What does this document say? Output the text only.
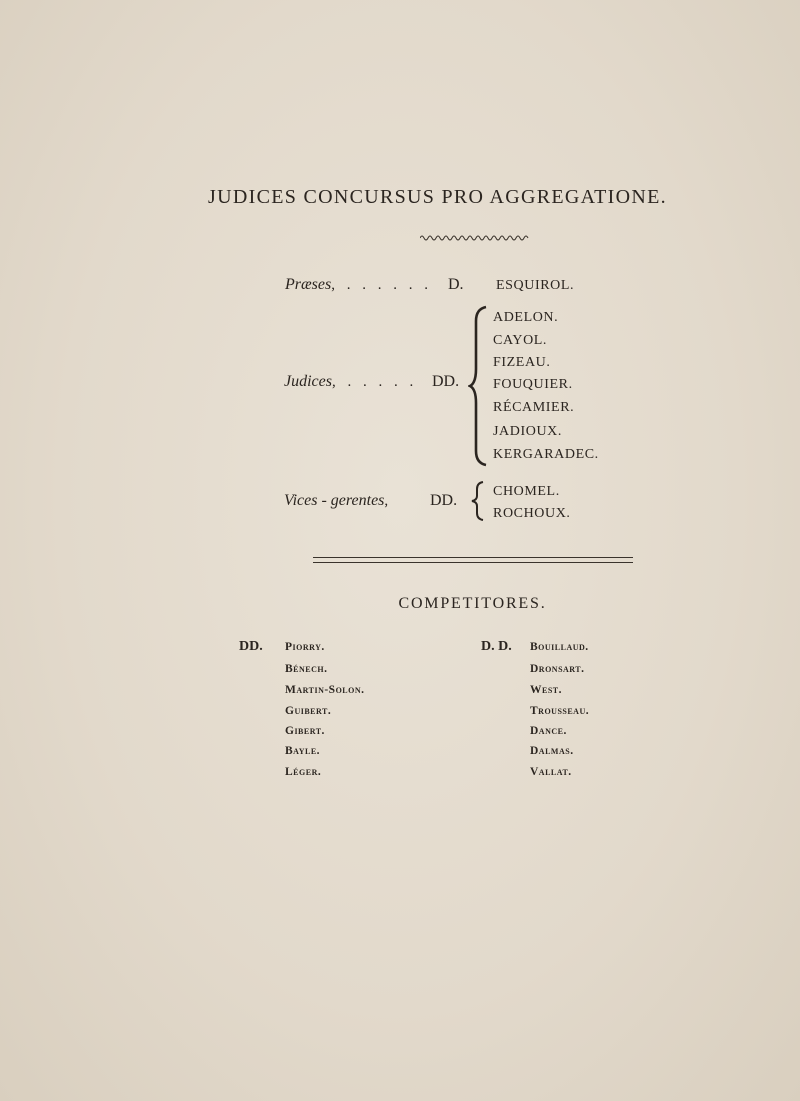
JUDICES CONCURSUS PRO AGGREGATIONE.
Præses, . . . . . . D. ESQUIROL.
Judices, . . . . . DD.
ADELON.
CAYOL.
FIZEAU.
FOUQUIER.
RÉCAMIER.
JADIOUX.
KERGARADEC.
Vices - gerentes,	DD.
CHOMEL.
ROCHOUX.
COMPETITORES.
DD. Piorry.
Bénech.
Martin-Solon.
Guibert.
Gibert.
Bayle.
Léger.
D. D. Bouillaud.
Dronsart.
West.
Trousseau.
Dance.
Dalmas.
Vallat.
